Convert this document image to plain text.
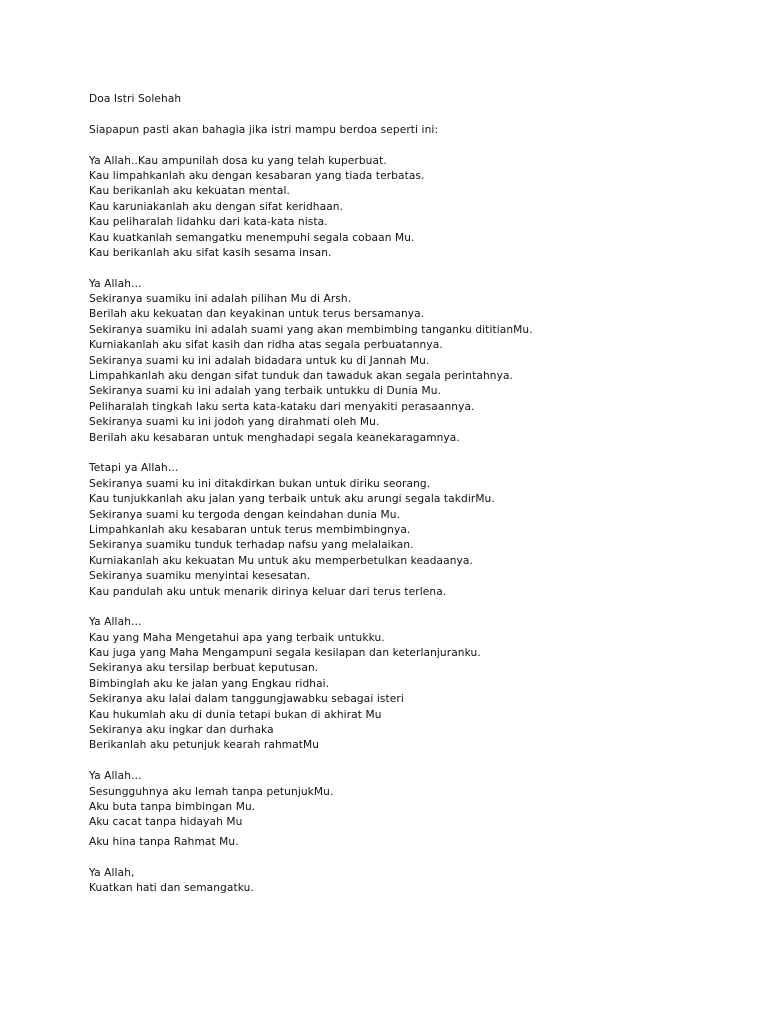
Doa Istri Solehah
Siapapun pasti akan bahagia jika istri mampu berdoa seperti ini:
Ya Allah..Kau ampunilah dosa ku yang telah kuperbuat.
Kau limpahkanlah aku dengan kesabaran yang tiada terbatas.
Kau berikanlah aku kekuatan mental.
Kau karuniakanlah aku dengan sifat keridhaan.
Kau peliharalah lidahku dari kata-kata nista.
Kau kuatkanlah semangatku menempuhi segala cobaan Mu.
Kau berikanlah aku sifat kasih sesama insan.
Ya Allah…
Sekiranya suamiku ini adalah pilihan Mu di Arsh.
Berilah aku kekuatan dan keyakinan untuk terus bersamanya.
Sekiranya suamiku ini adalah suami yang akan membimbing tanganku dititianMu.
Kurniakanlah aku sifat kasih dan ridha atas segala perbuatannya.
Sekiranya suami ku ini adalah bidadara untuk ku di Jannah Mu.
Limpahkanlah aku dengan sifat tunduk dan tawaduk akan segala perintahnya.
Sekiranya suami ku ini adalah yang terbaik untukku di Dunia Mu.
Peliharalah tingkah laku serta kata-kataku dari menyakiti perasaannya.
Sekiranya suami ku ini jodoh yang dirahmati oleh Mu.
Berilah aku kesabaran untuk menghadapi segala keanekaragamnya.
Tetapi ya Allah…
Sekiranya suami ku ini ditakdirkan bukan untuk diriku seorang.
Kau tunjukkanlah aku jalan yang terbaik untuk aku arungi segala takdirMu.
Sekiranya suami ku tergoda dengan keindahan dunia Mu.
Limpahkanlah aku kesabaran untuk terus membimbingnya.
Sekiranya suamiku tunduk terhadap nafsu yang melalaikan.
Kurniakanlah aku kekuatan Mu untuk aku memperbetulkan keadaanya.
Sekiranya suamiku menyintai kesesatan.
Kau pandulah aku untuk menarik dirinya keluar dari terus terlena.
Ya Allah…
Kau yang Maha Mengetahui apa yang terbaik untukku.
Kau juga yang Maha Mengampuni segala kesilapan dan keterlanjuranku.
Sekiranya aku tersilap berbuat keputusan.
Bimbinglah aku ke jalan yang Engkau ridhai.
Sekiranya aku lalai dalam tanggungjawabku sebagai isteri
Kau hukumlah aku di dunia tetapi bukan di akhirat Mu
Sekiranya aku ingkar dan durhaka
Berikanlah aku petunjuk kearah rahmatMu
Ya Allah…
Sesungguhnya aku lemah tanpa petunjukMu.
Aku buta tanpa bimbingan Mu.
Aku cacat tanpa hidayah Mu
Aku hina tanpa Rahmat Mu.
Ya Allah,
Kuatkan hati dan semangatku.
